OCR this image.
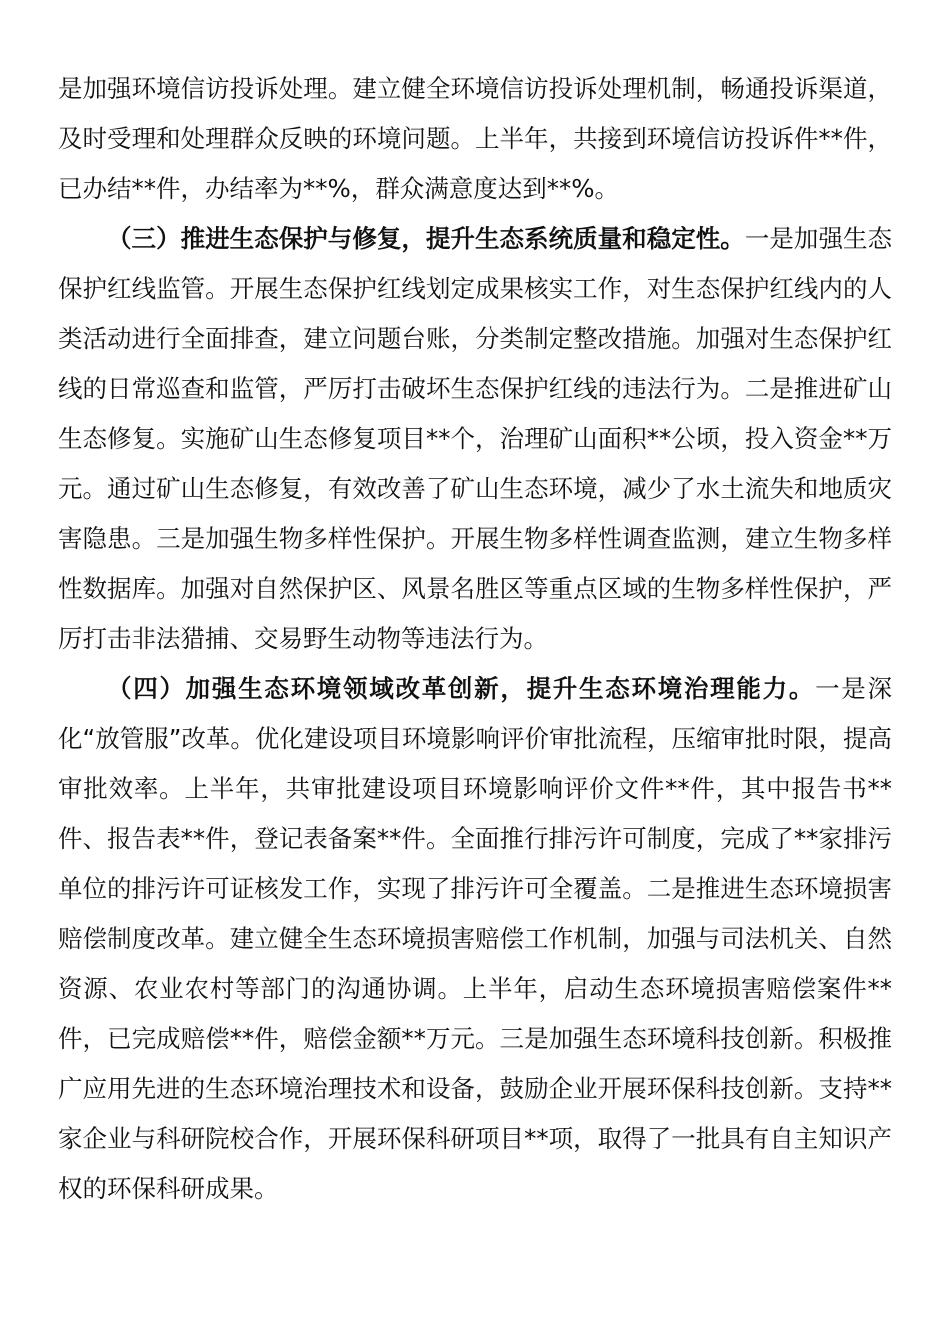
是加强环境信访投诉处理。建立健全环境信访投诉处理机制，畅通投诉渠道，及时受理和处理群众反映的环境问题。上半年，共接到环境信访投诉件**件，已办结**件，办结率为**%，群众满意度达到**%。

（三）推进生态保护与修复，提升生态系统质量和稳定性。一是加强生态保护红线监管。开展生态保护红线划定成果核实工作，对生态保护红线内的人类活动进行全面排查，建立问题台账，分类制定整改措施。加强对生态保护红线的日常巡查和监管，严厉打击破坏生态保护红线的违法行为。二是推进矿山生态修复。实施矿山生态修复项目**个，治理矿山面积**公顷，投入资金**万元。通过矿山生态修复，有效改善了矿山生态环境，减少了水土流失和地质灾害隐患。三是加强生物多样性保护。开展生物多样性调查监测，建立生物多样性数据库。加强对自然保护区、风景名胜区等重点区域的生物多样性保护，严厉打击非法猎捕、交易野生动物等违法行为。

（四）加强生态环境领域改革创新，提升生态环境治理能力。一是深化“放管服”改革。优化建设项目环境影响评价审批流程，压缩审批时限，提高审批效率。上半年，共审批建设项目环境影响评价文件**件，其中报告书**件、报告表**件，登记表备案**件。全面推行排污许可制度，完成了**家排污单位的排污许可证核发工作，实现了排污许可全覆盖。二是推进生态环境损害赔偿制度改革。建立健全生态环境损害赔偿工作机制，加强与司法机关、自然资源、农业农村等部门的沟通协调。上半年，启动生态环境损害赔偿案件**件，已完成赔偿**件，赔偿金额**万元。三是加强生态环境科技创新。积极推广应用先进的生态环境治理技术和设备，鼓励企业开展环保科技创新。支持**家企业与科研院校合作，开展环保科研项目**项，取得了一批具有自主知识产权的环保科研成果。
